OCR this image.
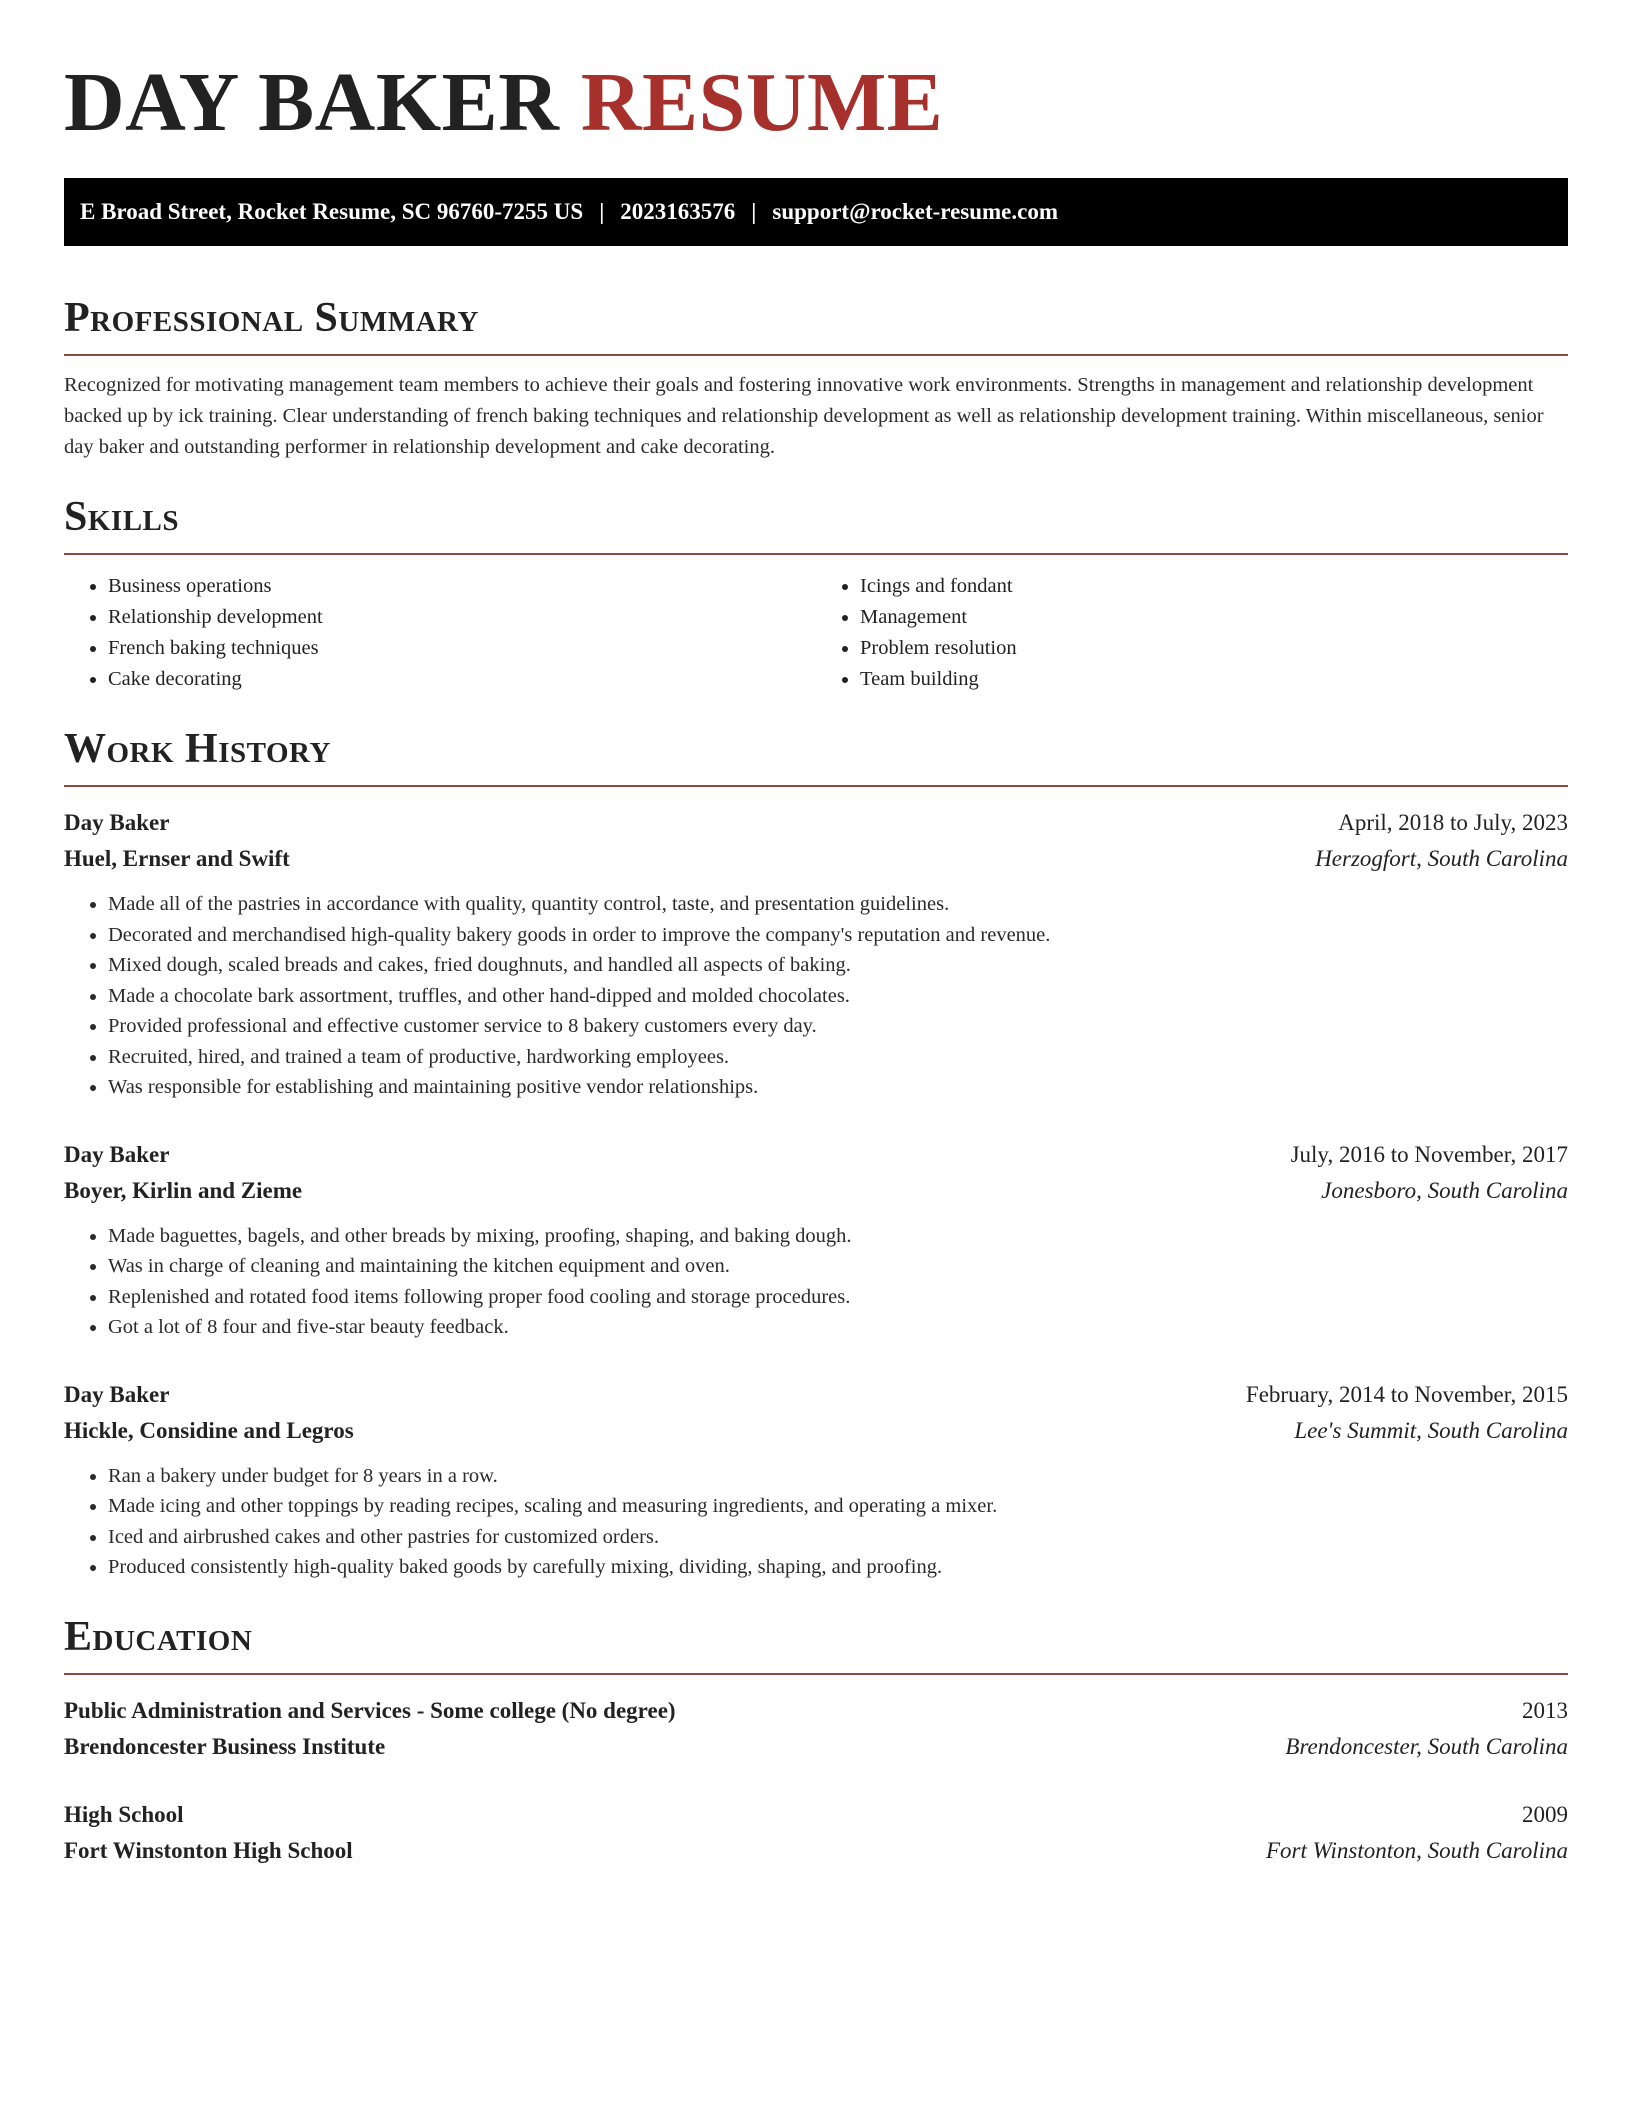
DAY BAKER RESUME
E Broad Street, Rocket Resume, SC 96760-7255 US | 2023163576 | support@rocket-resume.com
Professional Summary

Recognized for motivating management team members to achieve their goals and fostering innovative work environments. Strengths in management and relationship development backed up by ick training. Clear understanding of french baking techniques and relationship development as well as relationship development training. Within miscellaneous, senior day baker and outstanding performer in relationship development and cake decorating.

Skills
• Business operations
• Relationship development
• French baking techniques
• Cake decorating
• Icings and fondant
• Management
• Problem resolution
• Team building
Work History
Day Baker	April, 2018 to July, 2023
Huel, Ernser and Swift	Herzogfort, South Carolina
• Made all of the pastries in accordance with quality, quantity control, taste, and presentation guidelines.
• Decorated and merchandised high-quality bakery goods in order to improve the company's reputation and revenue.
• Mixed dough, scaled breads and cakes, fried doughnuts, and handled all aspects of baking.
• Made a chocolate bark assortment, truffles, and other hand-dipped and molded chocolates.
• Provided professional and effective customer service to 8 bakery customers every day.
• Recruited, hired, and trained a team of productive, hardworking employees.
• Was responsible for establishing and maintaining positive vendor relationships.
Day Baker	July, 2016 to November, 2017
Boyer, Kirlin and Zieme	Jonesboro, South Carolina
• Made baguettes, bagels, and other breads by mixing, proofing, shaping, and baking dough.
• Was in charge of cleaning and maintaining the kitchen equipment and oven.
• Replenished and rotated food items following proper food cooling and storage procedures.
• Got a lot of 8 four and five-star beauty feedback.
Day Baker	February, 2014 to November, 2015
Hickle, Considine and Legros	Lee's Summit, South Carolina
• Ran a bakery under budget for 8 years in a row.
• Made icing and other toppings by reading recipes, scaling and measuring ingredients, and operating a mixer.
• Iced and airbrushed cakes and other pastries for customized orders.
• Produced consistently high-quality baked goods by carefully mixing, dividing, shaping, and proofing.
Education
Public Administration and Services - Some college (No degree)	2013
Brendoncester Business Institute	Brendoncester, South Carolina
High School	2009
Fort Winstonton High School	Fort Winstonton, South Carolina
